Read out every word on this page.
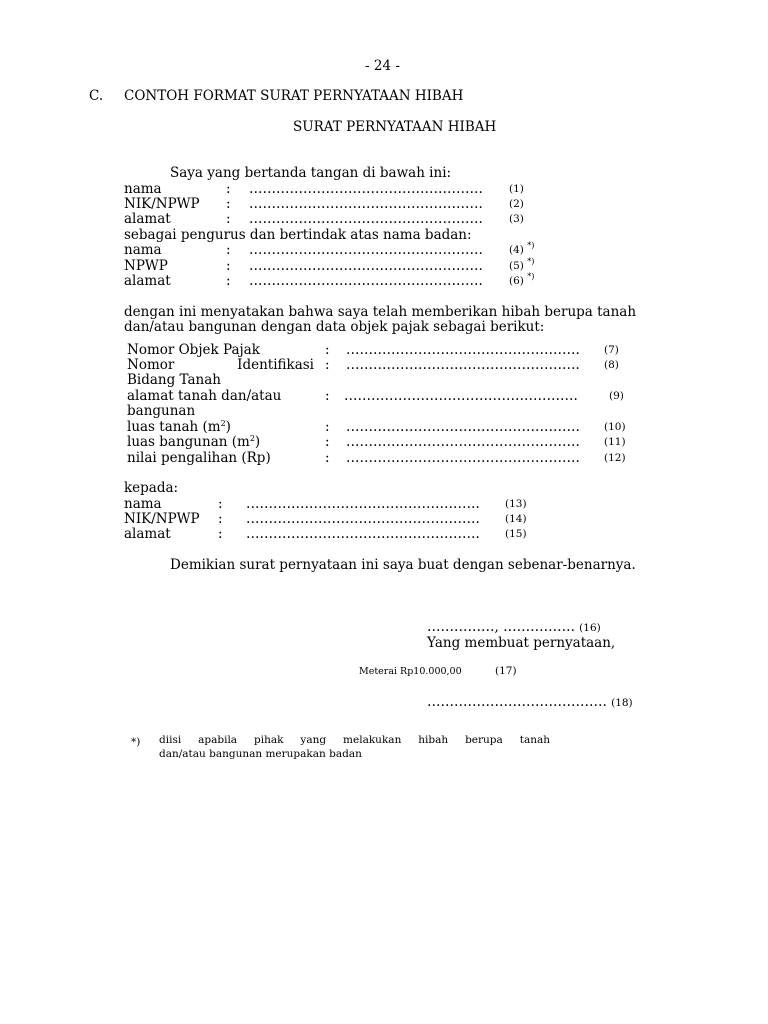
- 24 -
C. CONTOH FORMAT SURAT PERNYATAAN HIBAH
SURAT PERNYATAAN HIBAH
Saya yang bertanda tangan di bawah ini:
nama	: ……………………………………………. (1)
NIK/NPWP	: ……………………………………………. (2)
alamat	: ……………………………………………. (3)
sebagai pengurus dan bertindak atas nama badan:
nama	: ……………………………………………. (4) *)
NPWP	: ……………………………………………. (5) *)
alamat	: ……………………………………………. (6) *)
dengan ini menyatakan bahwa saya telah memberikan hibah berupa tanah
dan/atau bangunan dengan data objek pajak sebagai berikut:
Nomor Objek Pajak	: ……………………………………………. (7)
Nomor	Identifikasi : ……………………………………………. (8)
Bidang Tanah
alamat tanah dan/atau	: …………………………………………….	(9)
bangunan
luas tanah $(m^2)$	: ……………………………………………. (10)
luas bangunan $(m^2)$	: ……………………………………………. (11)
nilai pengalihan (Rp)	: ……………………………………………. (12)
kepada:
nama	: ……………………………………………. (13)
NIK/NPWP	: ……………………………………………. (14)
alamat	: ……………………………………………. (15)
Demikian surat pernyataan ini saya buat dengan sebenar-benarnya.
……………, ……………. (16)
Yang membuat pernyataan,
Meterai Rp10.000,00	(17)
…………………………………. (18)
*) diisi apabila pihak yang melakukan hibah berupa tanah
dan/atau bangunan merupakan badan
